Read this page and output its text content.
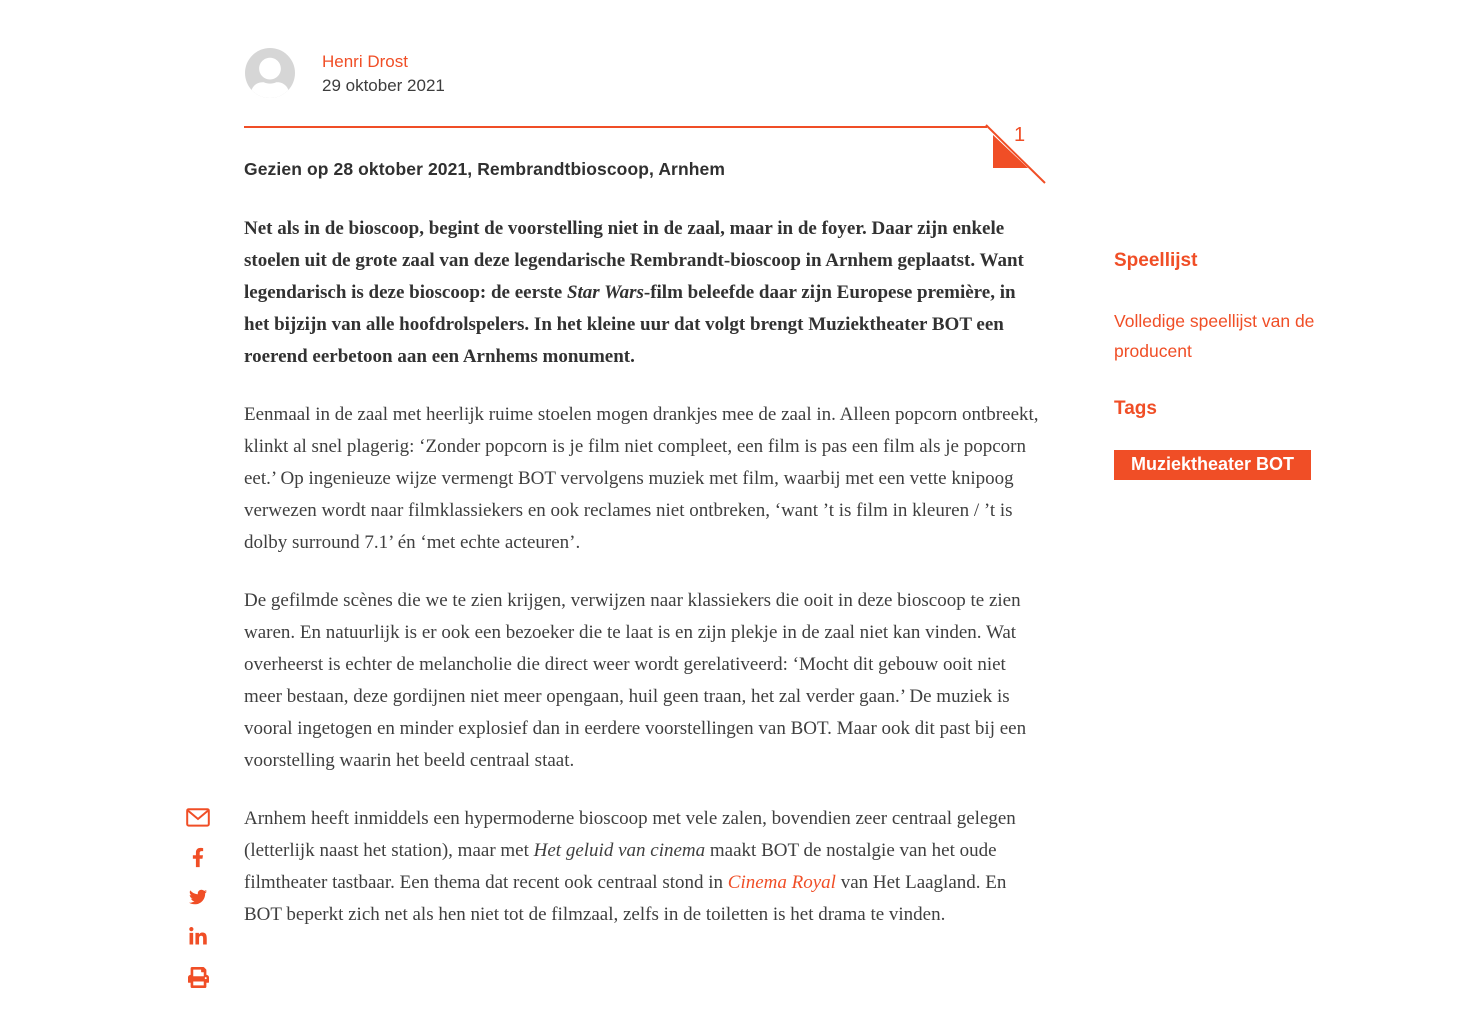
Henri Drost
29 oktober 2021
1
Gezien op 28 oktober 2021, Rembrandtbioscoop, Arnhem

Net als in de bioscoop, begint de voorstelling niet in de zaal, maar in de foyer. Daar zijn enkele stoelen uit de grote zaal van deze legendarische Rembrandt-bioscoop in Arnhem geplaatst. Want legendarisch is deze bioscoop: de eerste Star Wars-film beleefde daar zijn Europese première, in het bijzijn van alle hoofdrolspelers. In het kleine uur dat volgt brengt Muziektheater BOT een roerend eerbetoon aan een Arnhems monument.

Eenmaal in de zaal met heerlijk ruime stoelen mogen drankjes mee de zaal in. Alleen popcorn ontbreekt, klinkt al snel plagerig: ‘Zonder popcorn is je film niet compleet, een film is pas een film als je popcorn eet.’ Op ingenieuze wijze vermengt BOT vervolgens muziek met film, waarbij met een vette knipoog verwezen wordt naar filmklassiekers en ook reclames niet ontbreken, ‘want ’t is film in kleuren / ’t is dolby surround 7.1’ én ‘met echte acteuren’.

De gefilmde scènes die we te zien krijgen, verwijzen naar klassiekers die ooit in deze bioscoop te zien waren. En natuurlijk is er ook een bezoeker die te laat is en zijn plekje in de zaal niet kan vinden. Wat overheerst is echter de melancholie die direct weer wordt gerelativeerd: ‘Mocht dit gebouw ooit niet meer bestaan, deze gordijnen niet meer opengaan, huil geen traan, het zal verder gaan.’ De muziek is vooral ingetogen en minder explosief dan in eerdere voorstellingen van BOT. Maar ook dit past bij een voorstelling waarin het beeld centraal staat.

Arnhem heeft inmiddels een hypermoderne bioscoop met vele zalen, bovendien zeer centraal gelegen (letterlijk naast het station), maar met Het geluid van cinema maakt BOT de nostalgie van het oude filmtheater tastbaar. Een thema dat recent ook centraal stond in Cinema Royal van Het Laagland. En BOT beperkt zich net als hen niet tot de filmzaal, zelfs in de toiletten is het drama te vinden.

Speellijst
Volledige speellijst van de producent
Tags
Muziektheater BOT
